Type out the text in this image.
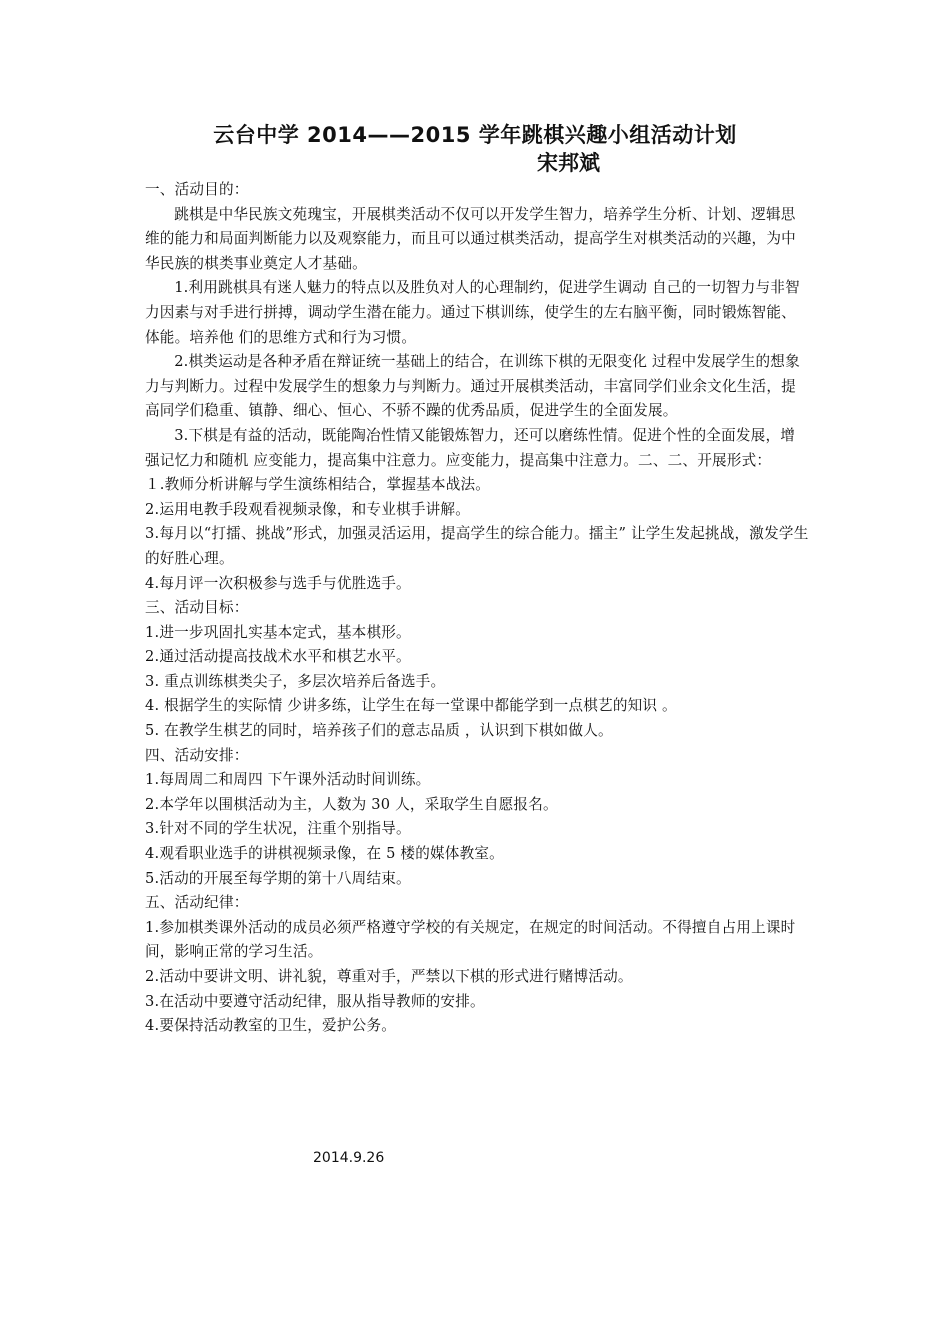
云台中学 2014——2015 学年跳棋兴趣小组活动计划
宋邦斌

一、活动目的：

跳棋是中华民族文苑瑰宝，开展棋类活动不仅可以开发学生智力，培养学生分析、计划、逻辑思维的能力和局面判断能力以及观察能力，而且可以通过棋类活动，提高学生对棋类活动的兴趣，为中华民族的棋类事业奠定人才基础。

1.利用跳棋具有迷人魅力的特点以及胜负对人的心理制约，促进学生调动 自己的一切智力与非智力因素与对手进行拼搏，调动学生潜在能力。通过下棋训练，使学生的左右脑平衡，同时锻炼智能、体能。培养他 们的思维方式和行为习惯。

2.棋类运动是各种矛盾在辩证统一基础上的结合，在训练下棋的无限变化 过程中发展学生的想象力与判断力。过程中发展学生的想象力与判断力。通过开展棋类活动，丰富同学们业余文化生活，提高同学们稳重、镇静、细心、恒心、不骄不躁的优秀品质，促进学生的全面发展。

3.下棋是有益的活动，既能陶冶性情又能锻炼智力，还可以磨练性情。促进个性的全面发展，增强记忆力和随机 应变能力，提高集中注意力。应变能力，提高集中注意力。二、二、开展形式：

１.教师分析讲解与学生演练相结合，掌握基本战法。

2.运用电教手段观看视频录像，和专业棋手讲解。

3.每月以“打擂、挑战”形式，加强灵活运用，提高学生的综合能力。擂主” 让学生发起挑战，激发学生的好胜心理。

4.每月评一次积极参与选手与优胜选手。

三、活动目标：

1.进一步巩固扎实基本定式，基本棋形。

2.通过活动提高技战术水平和棋艺水平。

3. 重点训练棋类尖子，多层次培养后备选手。

4. 根据学生的实际情 少讲多练，让学生在每一堂课中都能学到一点棋艺的知识 。

5. 在教学生棋艺的同时，培养孩子们的意志品质 ，认识到下棋如做人。

四、活动安排：

1.每周周二和周四 下午课外活动时间训练。

2.本学年以围棋活动为主，人数为 30 人，采取学生自愿报名。

3.针对不同的学生状况，注重个别指导。

4.观看职业选手的讲棋视频录像，在 5 楼的媒体教室。

5.活动的开展至每学期的第十八周结束。

五、活动纪律：

1.参加棋类课外活动的成员必须严格遵守学校的有关规定，在规定的时间活动。不得擅自占用上课时间，影响正常的学习生活。

2.活动中要讲文明、讲礼貌，尊重对手，严禁以下棋的形式进行赌博活动。

3.在活动中要遵守活动纪律，服从指导教师的安排。

4.要保持活动教室的卫生，爱护公务。

2014.9.26
